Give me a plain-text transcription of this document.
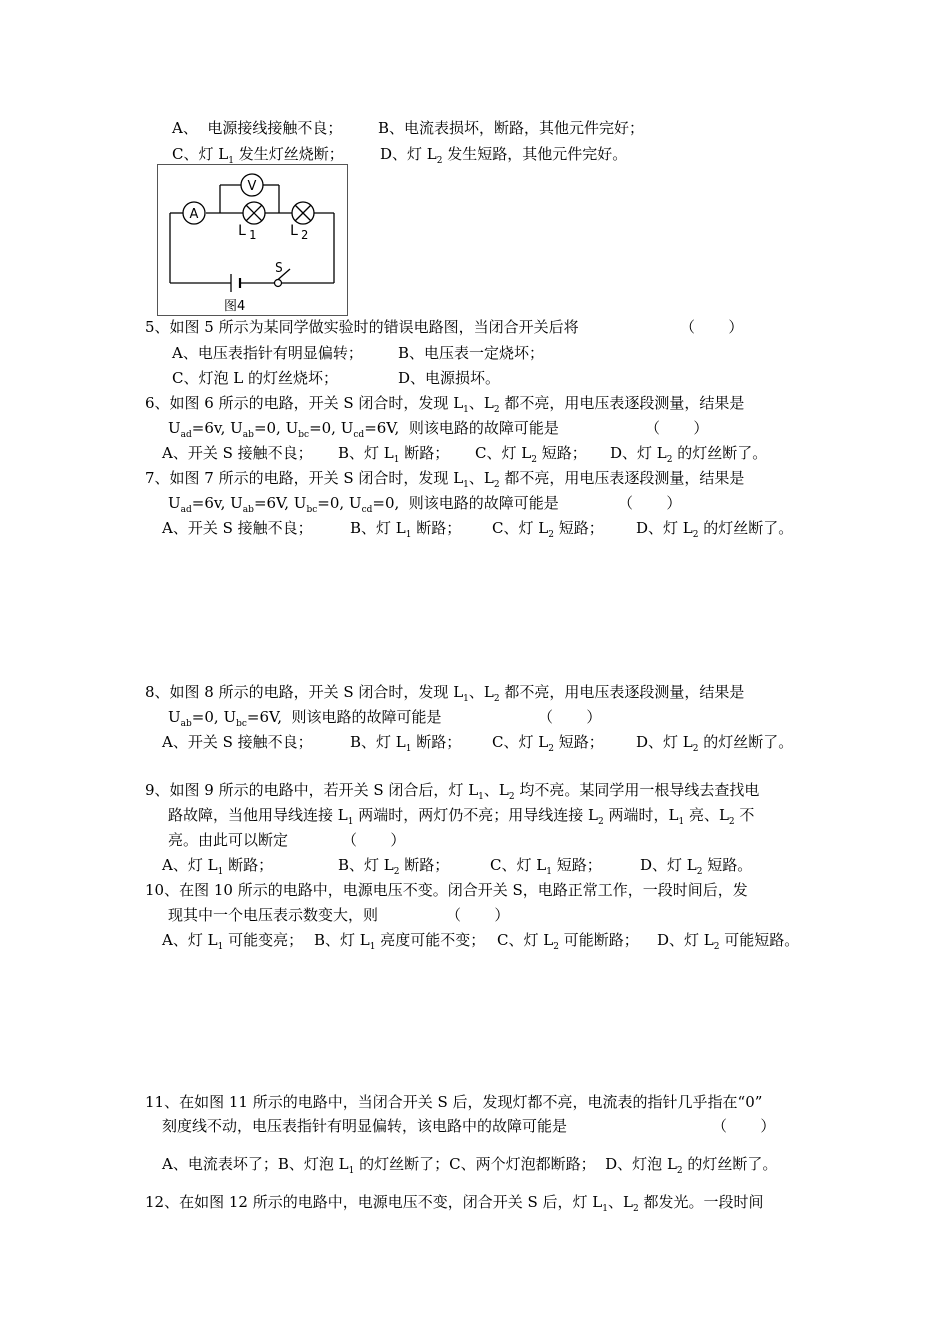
A、  电源接线接触不良； B、电流表损坏，断路，其他元件完好；
C、灯 $L_1$ 发生灯丝烧断； D、灯 $L_2$ 发生短路，其他元件完好。
A
V
L 1 L 2
S
图4
5、如图 5 所示为某同学做实验时的错误电路图，当闭合开关后将	（       ）
A、电压表指针有明显偏转； B、电压表一定烧坏；
C、灯泡 L 的灯丝烧坏；	D、电源损坏。
6、如图 6 所示的电路，开关 S 闭合时，发现 $L_1$、$L_2$ 都不亮，用电压表逐段测量，结果是
$U_{ad}=6v$, $U_{ab}=0$, $U_{bc}=0$, $U_{cd}=6V$,  则该电路的故障可能是	（       ）
A、开关 S 接触不良； B、灯 $L_1$ 断路； C、灯 $L_2$ 短路； D、灯 $L_2$ 的灯丝断了。
7、如图 7 所示的电路，开关 S 闭合时，发现 $L_1$、$L_2$ 都不亮，用电压表逐段测量，结果是
$U_{ad}=6v$, $U_{ab}=6V$, $U_{bc}=0$, $U_{cd}=0$,  则该电路的故障可能是	（       ）
A、开关 S 接触不良； B、灯 $L_1$ 断路； C、灯 $L_2$ 短路； D、灯 $L_2$ 的灯丝断了。
8、如图 8 所示的电路，开关 S 闭合时，发现 $L_1$、$L_2$ 都不亮，用电压表逐段测量，结果是
$U_{ab}=0$, $U_{bc}=6V$,  则该电路的故障可能是	（       ）
A、开关 S 接触不良； B、灯 $L_1$ 断路； C、灯 $L_2$ 短路； D、灯 $L_2$ 的灯丝断了。
9、如图 9 所示的电路中，若开关 S 闭合后，灯 $L_1$、$L_2$ 均不亮。某同学用一根导线去查找电
路故障，当他用导线连接 $L_1$ 两端时，两灯仍不亮；用导线连接 $L_2$ 两端时，$L_1$ 亮、$L_2$ 不
亮。由此可以断定	（       ）
A、灯 $L_1$ 断路；	B、灯 $L_2$ 断路；	C、灯 $L_1$ 短路；	D、灯 $L_2$ 短路。
10、在图 10 所示的电路中，电源电压不变。闭合开关 S，电路正常工作，一段时间后，发
现其中一个电压表示数变大，则	（       ）
A、灯 $L_1$ 可能变亮； B、灯 $L_1$ 亮度可能不变； C、灯 $L_2$ 可能断路； D、灯 $L_2$ 可能短路。
11、在如图 11 所示的电路中，当闭合开关 S 后，发现灯都不亮，电流表的指针几乎指在“0”
刻度线不动，电压表指针有明显偏转，该电路中的故障可能是	（       ）
A、电流表坏了；B、灯泡 $L_1$ 的灯丝断了；C、两个灯泡都断路； D、灯泡 $L_2$ 的灯丝断了。
12、在如图 12 所示的电路中，电源电压不变，闭合开关 S 后，灯 $L_1$、$L_2$ 都发光。一段时间
